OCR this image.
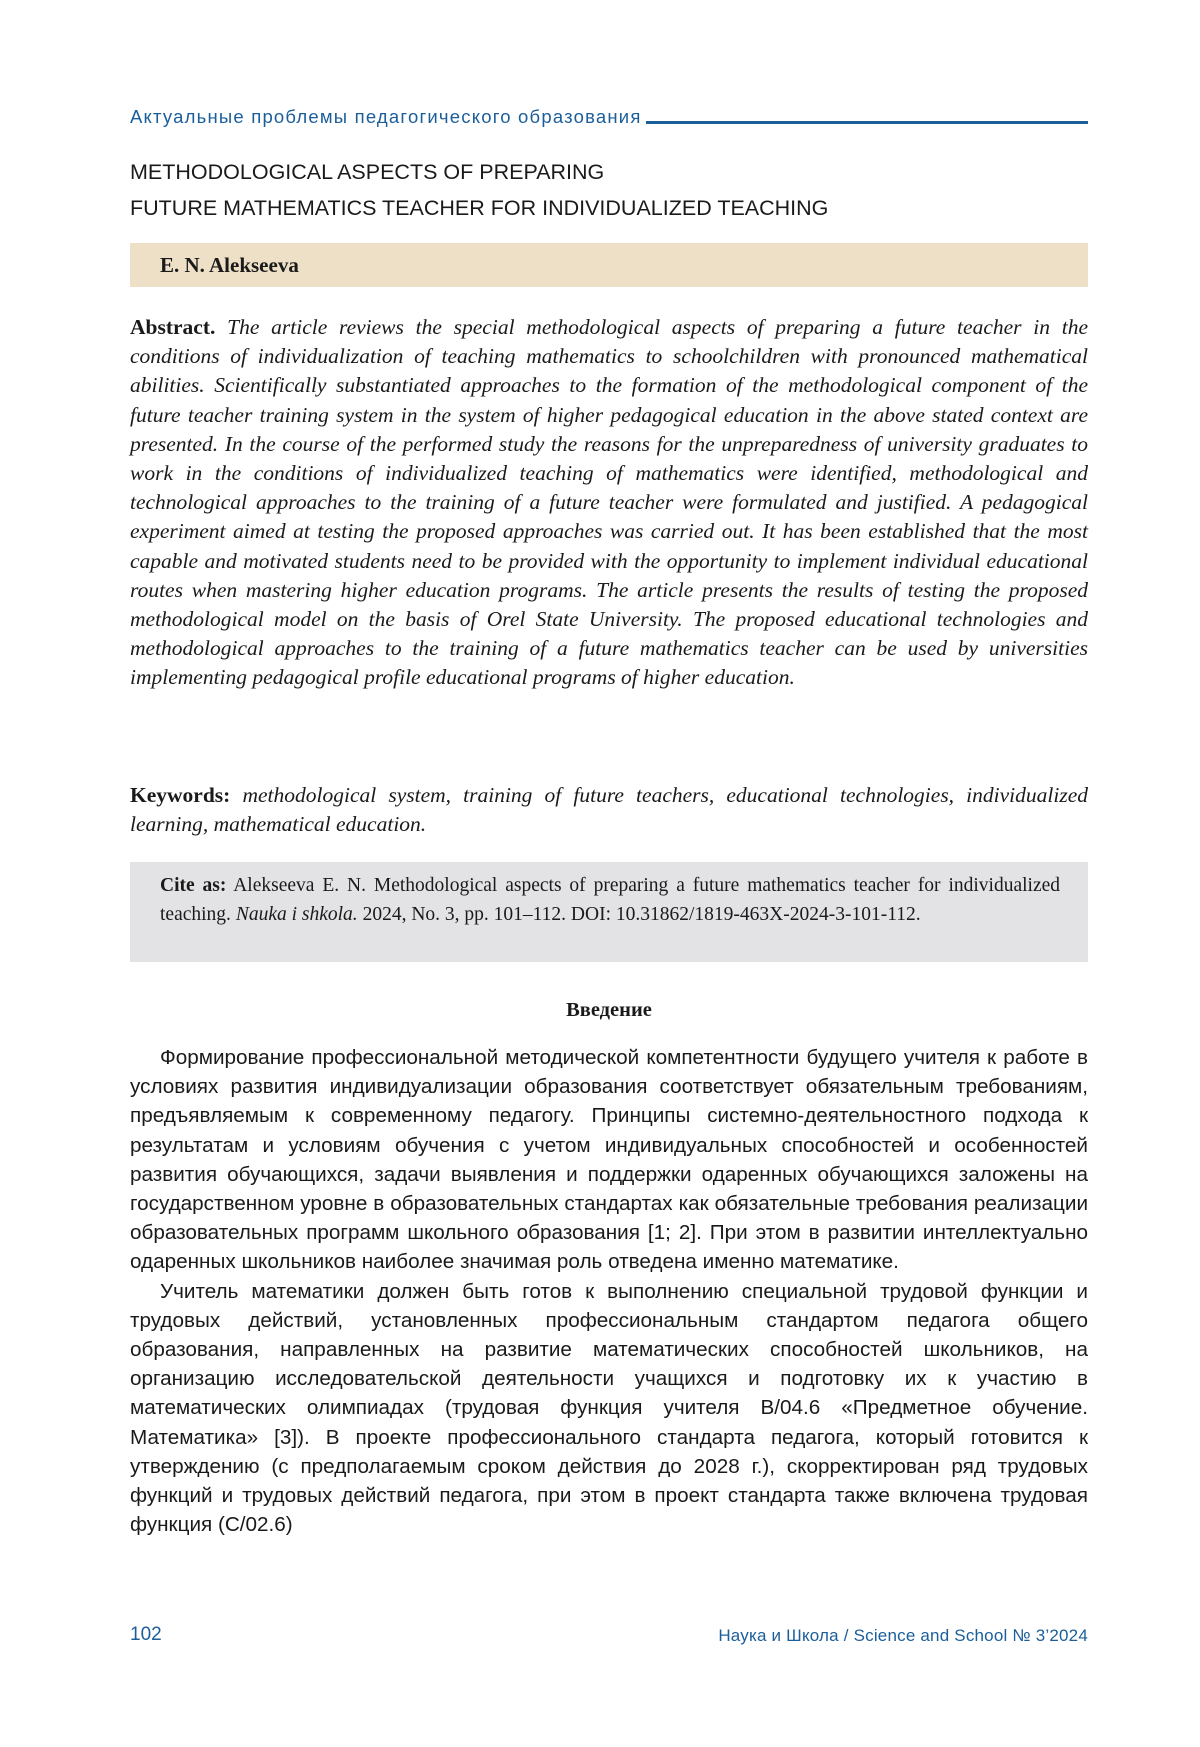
Актуальные проблемы педагогического образования
METHODOLOGICAL ASPECTS OF PREPARING
FUTURE MATHEMATICS TEACHER FOR INDIVIDUALIZED TEACHING
E. N. Alekseeva
Abstract. The article reviews the special methodological aspects of preparing a future teacher in the conditions of individualization of teaching mathematics to schoolchildren with pronounced mathematical abilities. Scientifically substantiated approaches to the formation of the methodological component of the future teacher training system in the system of higher pedagogical education in the above stated context are presented. In the course of the performed study the reasons for the unpreparedness of university graduates to work in the conditions of individualized teaching of mathematics were identified, methodological and technological approaches to the training of a future teacher were formulated and justified. A pedagogical experiment aimed at testing the proposed approaches was carried out. It has been established that the most capable and motivated students need to be provided with the opportunity to implement individual educational routes when mastering higher education programs. The article presents the results of testing the proposed methodological model on the basis of Orel State University. The proposed educational technologies and methodological approaches to the training of a future mathematics teacher can be used by universities implementing pedagogical profile educational programs of higher education.
Keywords: methodological system, training of future teachers, educational technologies, individualized learning, mathematical education.
Cite as: Alekseeva E. N. Methodological aspects of preparing a future mathematics teacher for individualized teaching. Nauka i shkola. 2024, No. 3, pp. 101–112. DOI: 10.31862/1819-463X-2024-3-101-112.
Введение

Формирование профессиональной методической компетентности будущего учителя к работе в условиях развития индивидуализации образования соответствует обязательным требованиям, предъявляемым к современному педагогу. Принципы системно-деятельностного подхода к результатам и условиям обучения с учетом индивидуальных способностей и особенностей развития обучающихся, задачи выявления и поддержки одаренных обучающихся заложены на государственном уровне в образовательных стандартах как обязательные требования реализации образовательных программ школьного образования [1; 2]. При этом в развитии интеллектуально одаренных школьников наиболее значимая роль отведена именно математике.

Учитель математики должен быть готов к выполнению специальной трудовой функции и трудовых действий, установленных профессиональным стандартом педагога общего образования, направленных на развитие математических способностей школьников, на организацию исследовательской деятельности учащихся и подготовку их к участию в математических олимпиадах (трудовая функция учителя В/04.6 «Предметное обучение. Математика» [3]). В проекте профессионального стандарта педагога, который готовится к утверждению (с предполагаемым сроком действия до 2028 г.), скорректирован ряд трудовых функций и трудовых действий педагога, при этом в проект стандарта также включена трудовая функция (С/02.6)

102	Наука и Школа / Science and School № 3’2024
